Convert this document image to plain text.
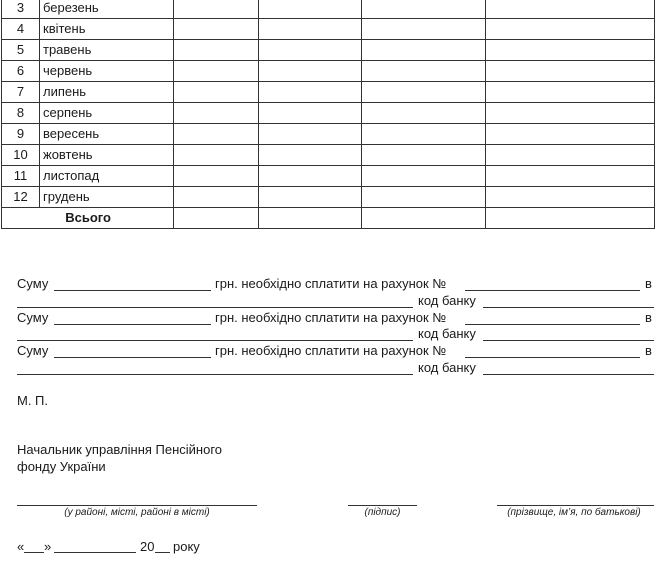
3	березень				
4	квітень				
5	травень				
6	червень				
7	липень				
8	серпень				
9	вересень				
10	жовтень				
11	листопад				
12	грудень				
Всього					
Суму	грн. необхідно сплатити на рахунок №	в
код банку
Суму	грн. необхідно сплатити на рахунок №	в
код банку
Суму	грн. необхідно сплатити на рахунок №	в
код банку
М. П.
Начальник управління Пенсійного
фонду України
(у районі, місті, районі в місті)	(підпис)	(прізвище, ім’я, по батькові)
« »	20 року
